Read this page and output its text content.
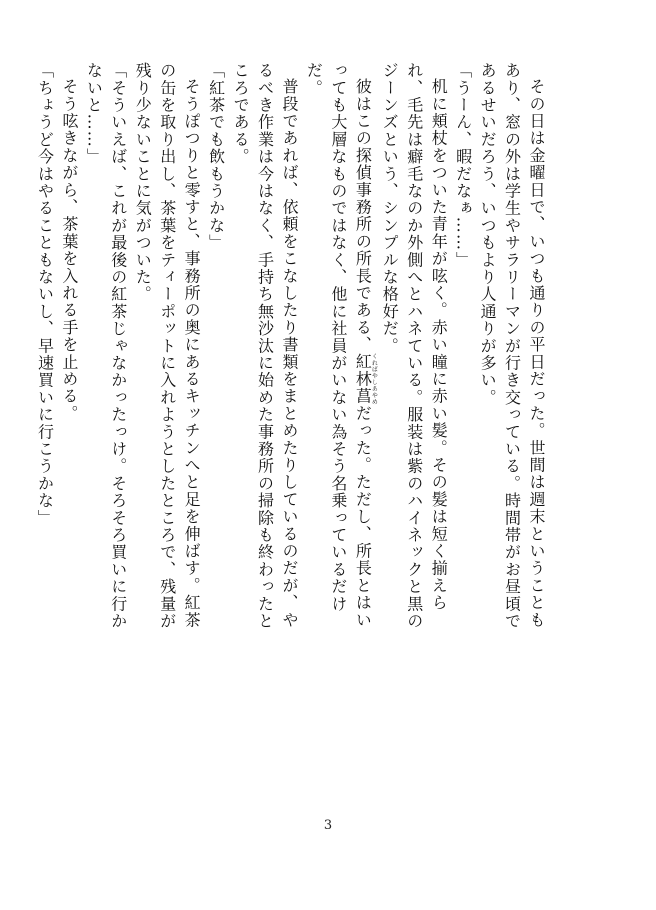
その日は金曜日で、いつも通りの平日だった。世間は週末ということもあり、窓の外は学生やサラリーマンが行き交っている。時間帯がお昼頃であるせいだろう、いつもより人通りが多い。

「うーん、暇だなぁ……」

机に頬杖をついた青年が呟く。赤い瞳に赤い髪。その髪は短く揃えられ、毛先は癖毛なのか外側へとハネている。服装は紫のハイネックと黒のジーンズという、シンプルな格好だ。

彼はこの探偵事務所の所長である、紅林菖くればやしあやめだった。ただし、所長とはいっても大層なものではなく、他に社員がいない為そう名乗っているだけだ。

普段であれば、依頼をこなしたり書類をまとめたりしているのだが、やるべき作業は今はなく、手持ち無沙汰に始めた事務所の掃除も終わったところである。

「紅茶でも飲もうかな」

そうぽつりと零すと、事務所の奥にあるキッチンへと足を伸ばす。紅茶の缶を取り出し、茶葉をティーポットに入れようとしたところで、残量が残り少ないことに気がついた。

「そういえば、これが最後の紅茶じゃなかったっけ。そろそろ買いに行かないと……」

そう呟きながら、茶葉を入れる手を止める。

「ちょうど今はやることもないし、早速買いに行こうかな」

3
